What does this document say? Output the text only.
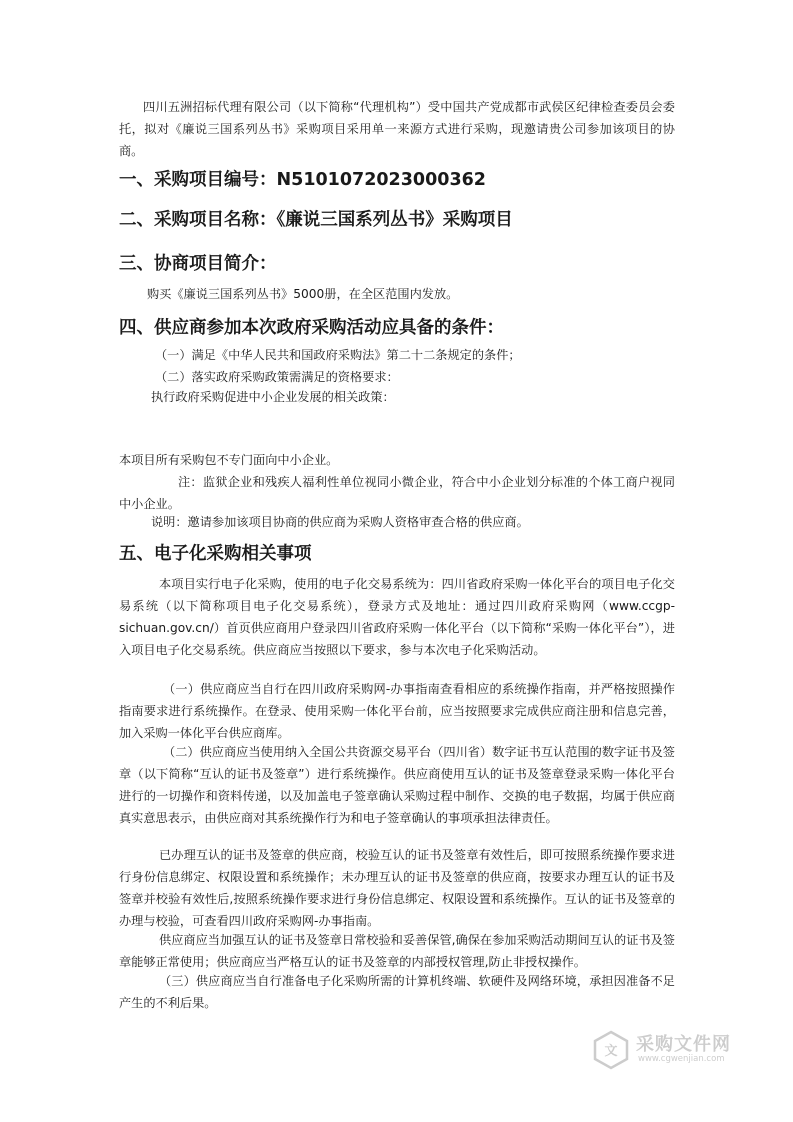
四川五洲招标代理有限公司（以下简称“代理机构”）受中国共产党成都市武侯区纪律检查委员会委托，拟对《廉说三国系列丛书》采购项目采用单一来源方式进行采购，现邀请贵公司参加该项目的协商。

一、采购项目编号：N5101072023000362
二、采购项目名称：《廉说三国系列丛书》采购项目
三、协商项目简介：

购买《廉说三国系列丛书》5000册，在全区范围内发放。

四、供应商参加本次政府采购活动应具备的条件：

（一）满足《中华人民共和国政府采购法》第二十二条规定的条件；

（二）落实政府采购政策需满足的资格要求：

执行政府采购促进中小企业发展的相关政策：

本项目所有采购包不专门面向中小企业。

注：监狱企业和残疾人福利性单位视同小微企业，符合中小企业划分标准的个体工商户视同中小企业。

说明：邀请参加该项目协商的供应商为采购人资格审查合格的供应商。

五、电子化采购相关事项

本项目实行电子化采购，使用的电子化交易系统为：四川省政府采购一体化平台的项目电子化交易系统（以下简称项目电子化交易系统），登录方式及地址：通过四川政府采购网（www.ccgp-sichuan.gov.cn/）首页供应商用户登录四川省政府采购一体化平台（以下简称“采购一体化平台”），进入项目电子化交易系统。供应商应当按照以下要求，参与本次电子化采购活动。

（一）供应商应当自行在四川政府采购网-办事指南查看相应的系统操作指南，并严格按照操作指南要求进行系统操作。在登录、使用采购一体化平台前，应当按照要求完成供应商注册和信息完善，加入采购一体化平台供应商库。

（二）供应商应当使用纳入全国公共资源交易平台（四川省）数字证书互认范围的数字证书及签章（以下简称“互认的证书及签章”）进行系统操作。供应商使用互认的证书及签章登录采购一体化平台进行的一切操作和资料传递，以及加盖电子签章确认采购过程中制作、交换的电子数据，均属于供应商真实意思表示，由供应商对其系统操作行为和电子签章确认的事项承担法律责任。

已办理互认的证书及签章的供应商，校验互认的证书及签章有效性后，即可按照系统操作要求进行身份信息绑定、权限设置和系统操作；未办理互认的证书及签章的供应商，按要求办理互认的证书及签章并校验有效性后,按照系统操作要求进行身份信息绑定、权限设置和系统操作。互认的证书及签章的办理与校验，可查看四川政府采购网-办事指南。

供应商应当加强互认的证书及签章日常校验和妥善保管,确保在参加采购活动期间互认的证书及签章能够正常使用；供应商应当严格互认的证书及签章的内部授权管理,防止非授权操作。

（三）供应商应当自行准备电子化采购所需的计算机终端、软硬件及网络环境，承担因准备不足产生的不利后果。

文 采购文件网
www.cgwenjian.com
